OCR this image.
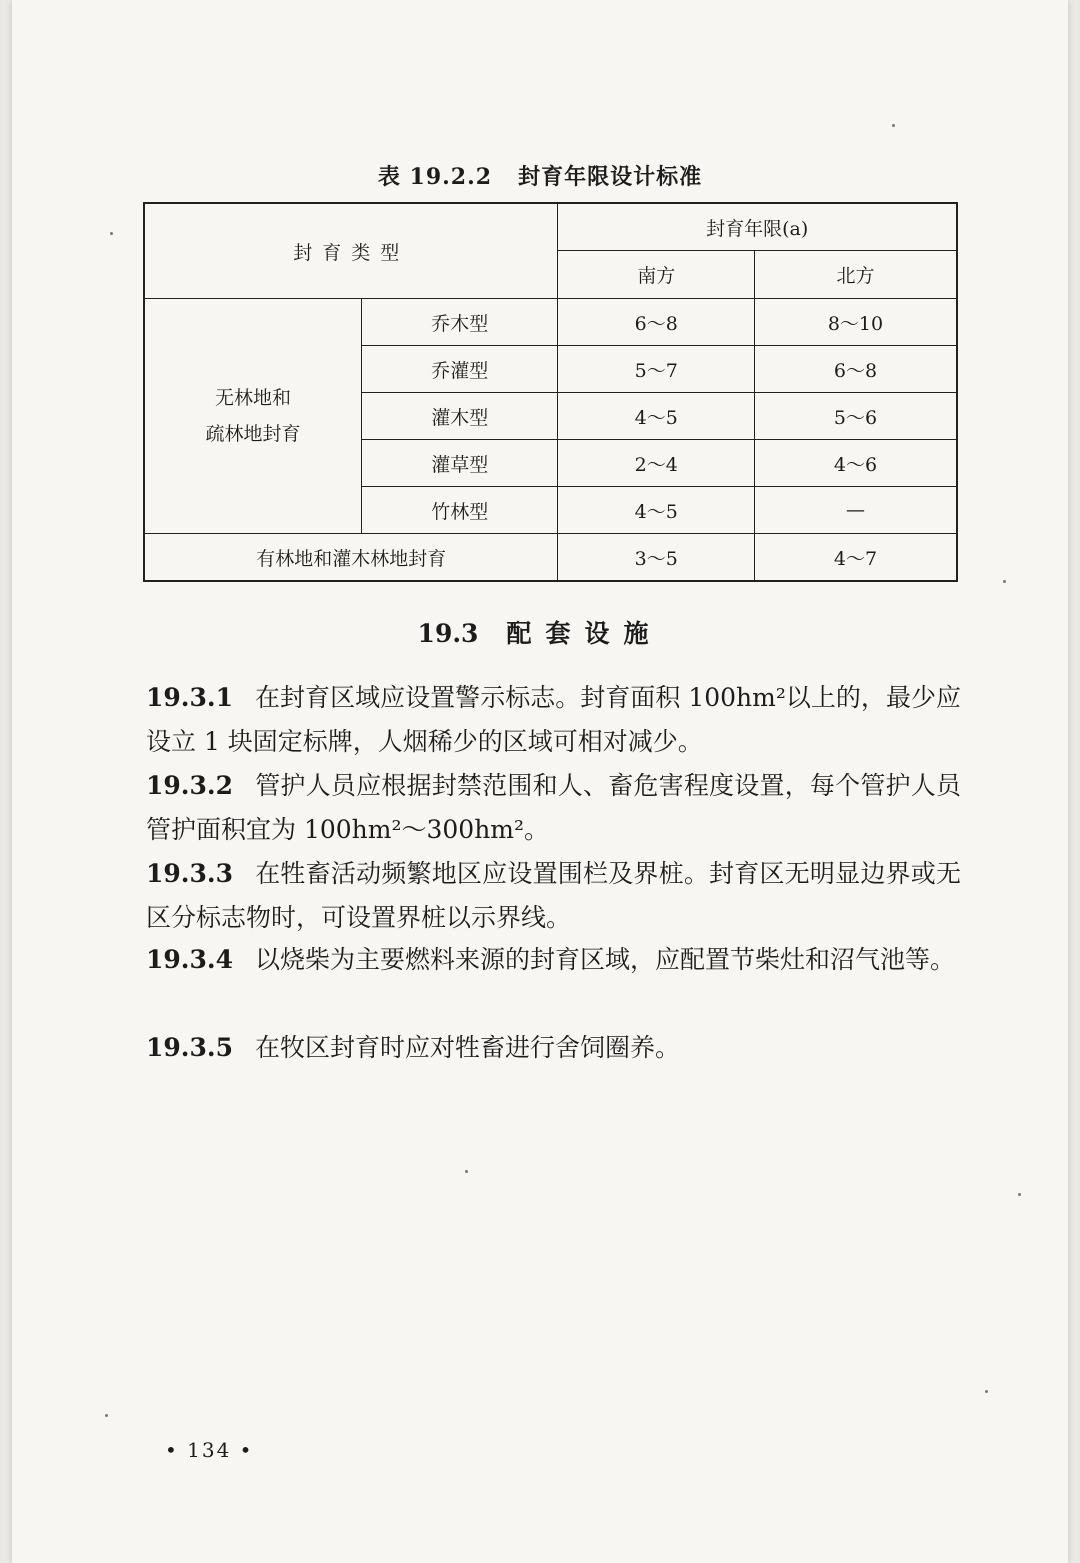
表 19.2.2 封育年限设计标准
封育类型		封育年限(a)	
		南方	北方

无林地和
疏林地封育	乔木型	6～8	8～10
	乔灌型	5～7	6～8
	灌木型	4～5	5～6
	灌草型	2～4	4～6
	竹林型	4～5	—
有林地和灌木林地封育		3～5	4～7
19.3 配套设施
19.3.1 在封育区域应设置警示标志。封育面积 100hm²以上的，最少应设立 1 块固定标牌，人烟稀少的区域可相对减少。
19.3.2 管护人员应根据封禁范围和人、畜危害程度设置，每个管护人员管护面积宜为 100hm²～300hm²。
19.3.3 在牲畜活动频繁地区应设置围栏及界桩。封育区无明显边界或无区分标志物时，可设置界桩以示界线。
19.3.4 以烧柴为主要燃料来源的封育区域，应配置节柴灶和沼气池等。
19.3.5 在牧区封育时应对牲畜进行舍饲圈养。
• 134 •
